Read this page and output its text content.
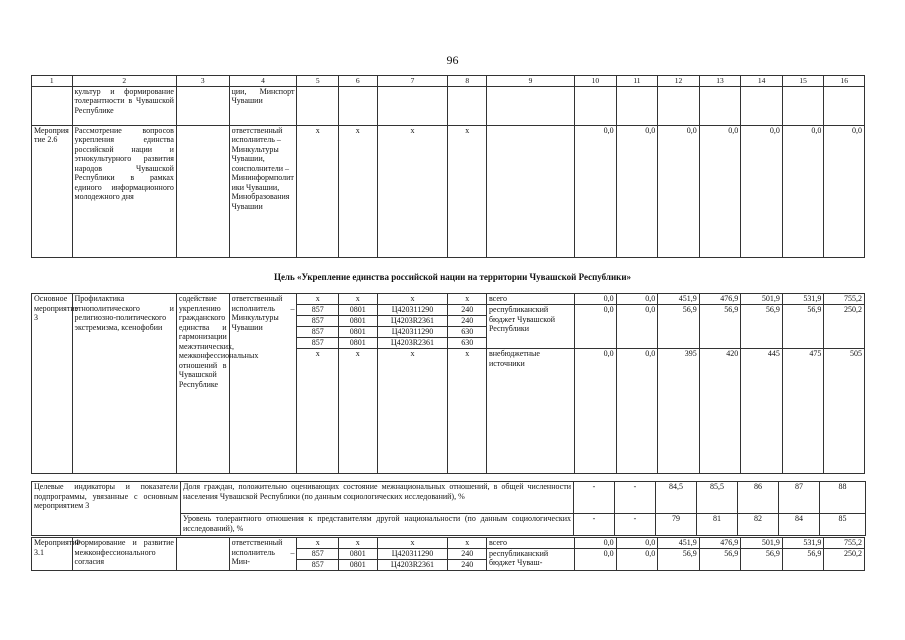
96
1	2	3	4	5	6	7	8	9	10	11	12	13	14	15	16
	культур и формирование толерантности в Чувашской Республике		ции, Минспорт Чувашии												
Мероприятие 2.6	Рассмотрение вопросов укрепления единства российской нации и этнокультурного развития народов Чувашской Республики в рамках единого информационного молодежного дня		ответственный исполнитель – Минкультуры Чувашии, соисполнители – Мининформполитики Чувашии, Минобразования Чувашии	x	x	x	x		0,0	0,0	0,0	0,0	0,0	0,0	0,0
Цель «Укрепление единства российской нации на территории Чувашской Республики»
Основное мероприятие 3	Профилактика этнополитического и религиозно-политического экстремизма, ксенофобии	содействие укреплению гражданского единства и гармонизации межэтнических, межконфессиональных отношений в Чувашской Республике	ответственный исполнитель – Минкультуры Чувашии	x	x	x	x	всего	0,0	0,0	451,9	476,9	501,9	531,9	755,2
				857	0801	Ц420311290	240	республиканский бюджет Чувашской Республики	0,0	0,0	56,9	56,9	56,9	56,9	250,2
				857	0801	Ц4203R2361	240								
				857	0801	Ц420311290	630								
				857	0801	Ц4203R2361	630								
				x	x	x	x	внебюджетные источники	0,0	0,0	395	420	445	475	505
Целевые индикаторы и показатели подпрограммы, увязанные с основным мероприятием 3	Доля граждан, положительно оценивающих состояние межнациональных отношений, в общей численности населения Чувашской Республики (по данным социологических исследований), %	-	-	84,5	85,5	86	87	88
	Уровень толерантного отношения к представителям другой национальности (по данным социологических исследований), %	-	-	79	81	82	84	85
Мероприятие 3.1	Формирование и развитие межконфессионального согласия		ответственный исполнитель – Мин-	x	x	x	x	всего	0,0	0,0	451,9	476,9	501,9	531,9	755,2
				857	0801	Ц420311290	240	республиканский бюджет Чуваш-	0,0	0,0	56,9	56,9	56,9	56,9	250,2
				857	0801	Ц4203R2361	240								
